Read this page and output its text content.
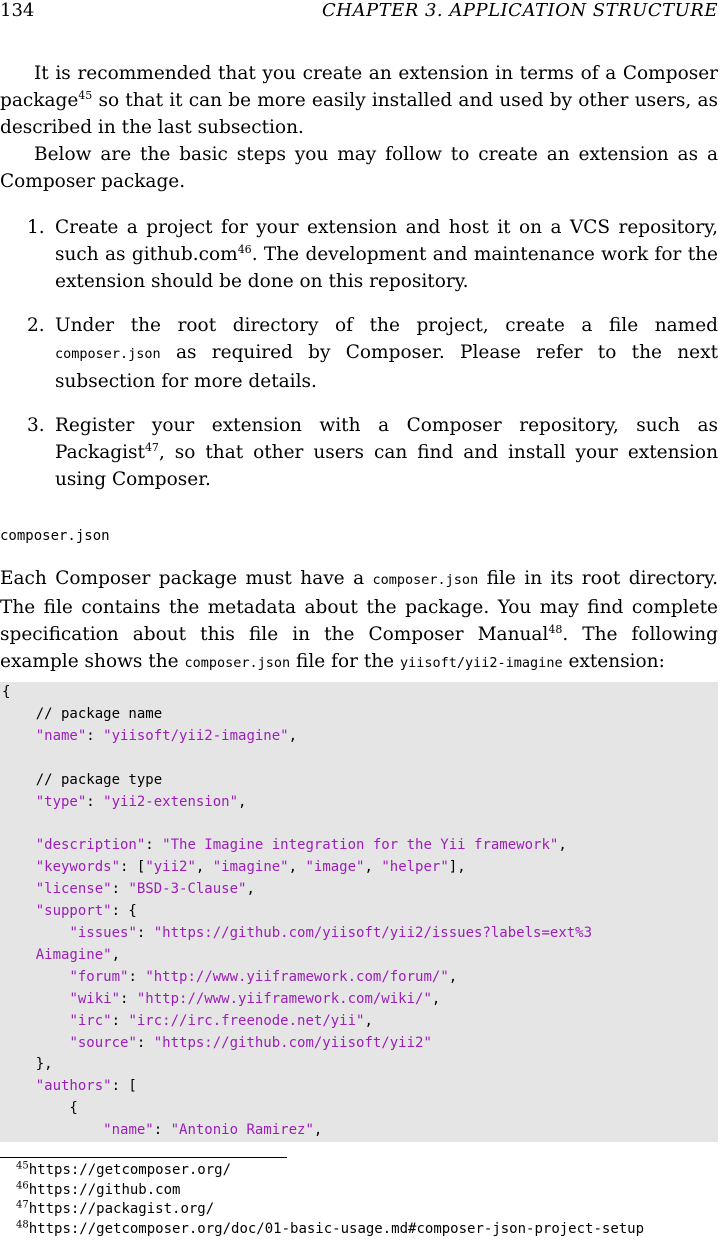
134	CHAPTER 3. APPLICATION STRUCTURE
It is recommended that you create an extension in terms of a Composer package$^{45}$ so that it can be more easily installed and used by other users, as described in the last subsection.
Below are the basic steps you may follow to create an extension as a Composer package.
1. Create a project for your extension and host it on a VCS repository, such as github.com$^{46}$. The development and maintenance work for the extension should be done on this repository.
2. Under the root directory of the project, create a file named composer.json as required by Composer. Please refer to the next subsection for more details.
3. Register your extension with a Composer repository, such as Packagist$^{47}$, so that other users can find and install your extension using Composer.
composer.json
Each Composer package must have a composer.json file in its root directory. The file contains the metadata about the package. You may find complete specification about this file in the Composer Manual$^{48}$. The following example shows the composer.json file for the yiisoft/yii2-imagine extension:
{
// package name
"name": "yiisoft/yii2-imagine",

// package type
"type": "yii2-extension",

"description": "The Imagine integration for the Yii framework",
"keywords": ["yii2", "imagine", "image", "helper"],
"license": "BSD-3-Clause",
"support": {
"issues": "https://github.com/yiisoft/yii2/issues?labels=ext%3
Aimagine",
"forum": "http://www.yiiframework.com/forum/",
"wiki": "http://www.yiiframework.com/wiki/",
"irc": "irc://irc.freenode.net/yii",
"source": "https://github.com/yiisoft/yii2"
},
"authors": [
{
"name": "Antonio Ramirez",
$^{45}$https://getcomposer.org/
$^{46}$https://github.com
$^{47}$https://packagist.org/
$^{48}$https://getcomposer.org/doc/01-basic-usage.md#composer-json-project-setup
